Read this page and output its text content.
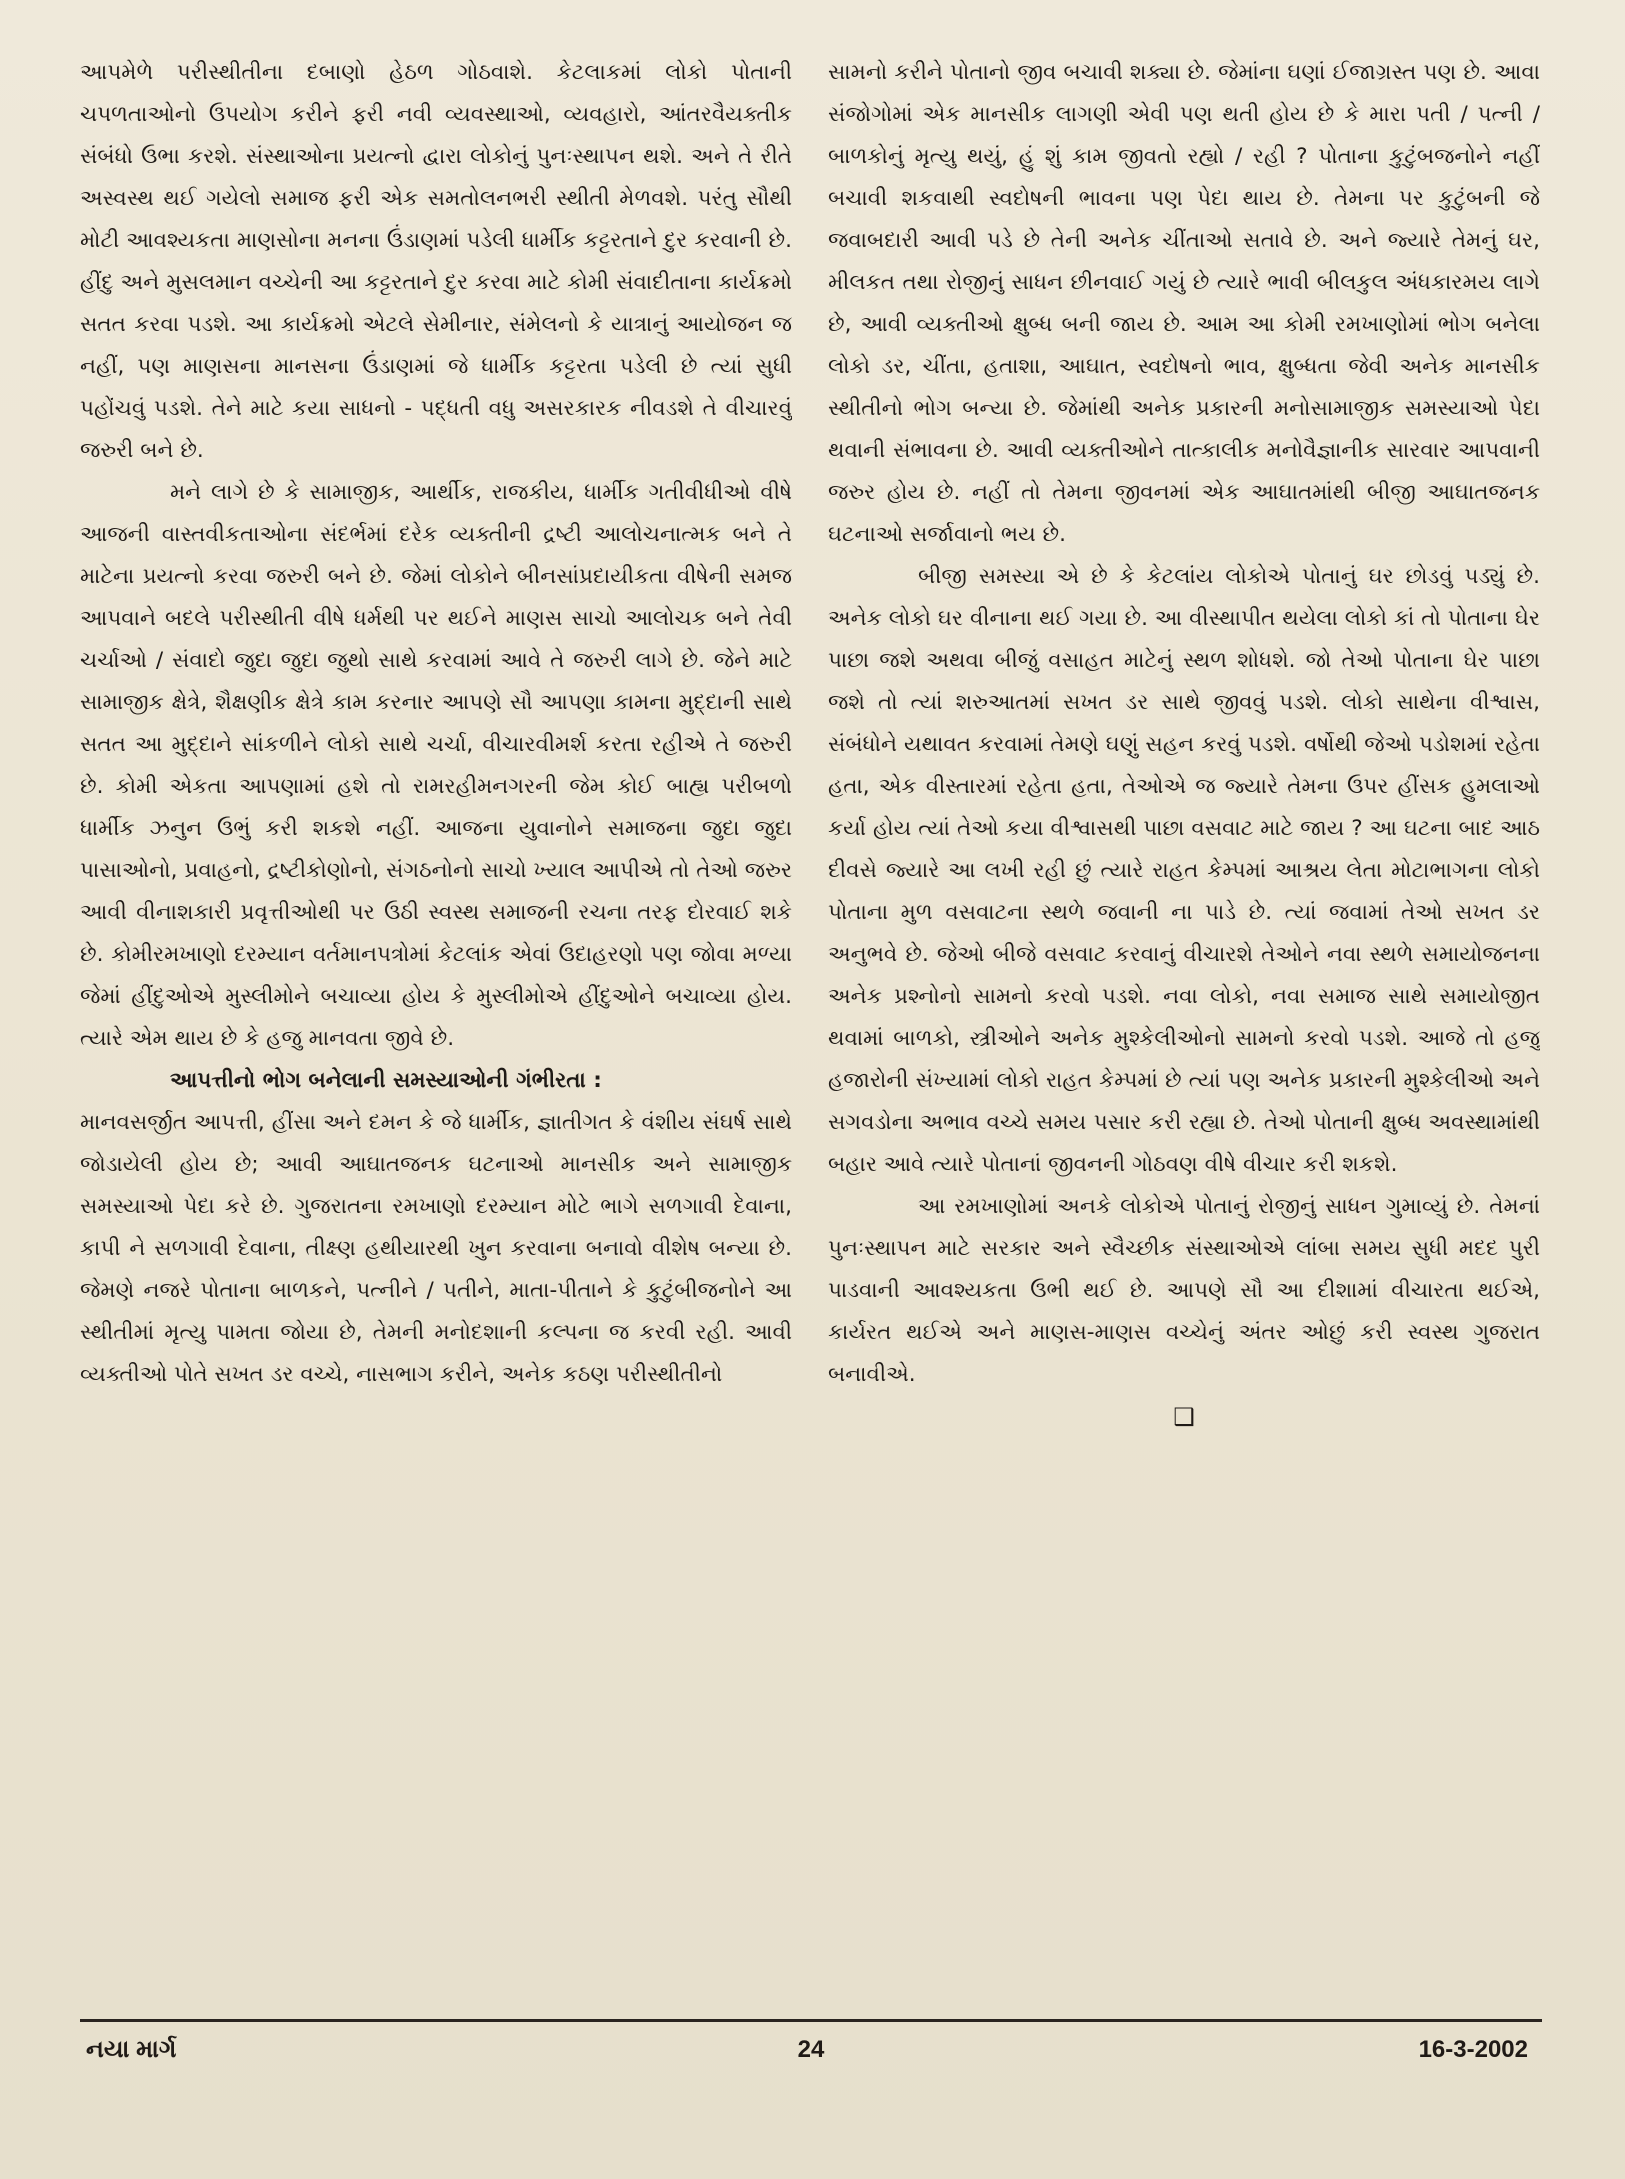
આપમેળે પરીસ્થીતીના દબાણો હેઠળ ગોઠવાશે. કેટલાકમાં લોકો પોતાની ચપળતાઓનો ઉપયોગ કરીને ફરી નવી વ્યવસ્થાઓ, વ્યવહારો, આંતરવૈયક્તીક સંબંધો ઉભા કરશે. સંસ્થાઓના પ્રયત્નો દ્વારા લોકોનું પુનઃસ્થાપન થશે. અને તે રીતે અસ્વસ્થ થઈ ગયેલો સમાજ ફરી એક સમતોલનભરી સ્થીતી મેળવશે. પરંતુ સૌથી મોટી આવશ્યકતા માણસોના મનના ઉંડાણમાં પડેલી ધાર્મીક કટ્ટરતાને દુર કરવાની છે. હીંદુ અને મુસલમાન વચ્ચેની આ કટ્ટરતાને દુર કરવા માટે કોમી સંવાદીતાના કાર્યક્રમો સતત કરવા પડશે. આ કાર્યક્રમો એટલે સેમીનાર, સંમેલનો કે યાત્રાનું આયોજન જ નહીં, પણ માણસના માનસના ઉંડાણમાં જે ધાર્મીક કટ્ટરતા પડેલી છે ત્યાં સુધી પહોંચવું પડશે. તેને માટે કયા સાધનો - પદ્ધતી વધુ અસરકારક નીવડશે તે વીચારવું જરુરી બને છે.

મને લાગે છે કે સામાજીક, આર્થીક, રાજકીય, ધાર્મીક ગતીવીધીઓ વીષે આજની વાસ્તવીકતાઓના સંદર્ભમાં દરેક વ્યક્તીની દ્રષ્ટી આલોચનાત્મક બને તે માટેના પ્રયત્નો કરવા જરુરી બને છે. જેમાં લોકોને બીનસાંપ્રદાયીકતા વીષેની સમજ આપવાને બદલે પરીસ્થીતી વીષે ધર્મથી પર થઈને માણસ સાચો આલોચક બને તેવી ચર્ચાઓ / સંવાદો જુદા જુદા જુથો સાથે કરવામાં આવે તે જરુરી લાગે છે. જેને માટે સામાજીક ક્ષેત્રે, શૈક્ષણીક ક્ષેત્રે કામ કરનાર આપણે સૌ આપણા કામના મુદ્દાની સાથે સતત આ મુદ્દાને સાંકળીને લોકો સાથે ચર્ચા, વીચારવીમર્શ કરતા રહીએ તે જરુરી છે. કોમી એકતા આપણામાં હશે તો રામરહીમનગરની જેમ કોઈ બાહ્ય પરીબળો ધાર્મીક ઝનુન ઉભું કરી શકશે નહીં. આજના યુવાનોને સમાજના જુદા જુદા પાસાઓનો, પ્રવાહનો, દ્રષ્ટીકોણોનો, સંગઠનોનો સાચો ખ્યાલ આપીએ તો તેઓ જરુર આવી વીનાશકારી પ્રવૃત્તીઓથી પર ઉઠી સ્વસ્થ સમાજની રચના તરફ દોરવાઈ શકે છે. કોમીરમખાણો દરમ્યાન વર્તમાનપત્રોમાં કેટલાંક એવાં ઉદાહરણો પણ જોવા મળ્યા જેમાં હીંદુઓએ મુસ્લીમોને બચાવ્યા હોય કે મુસ્લીમોએ હીંદુઓને બચાવ્યા હોય. ત્યારે એમ થાય છે કે હજુ માનવતા જીવે છે.

આપત્તીનો ભોગ બનેલાની સમસ્યાઓની ગંભીરતા :

માનવસર્જીત આપત્તી, હીંસા અને દમન કે જે ધાર્મીક, જ્ઞાતીગત કે વંશીય સંઘર્ષ સાથે જોડાયેલી હોય છે; આવી આઘાતજનક ઘટનાઓ માનસીક અને સામાજીક સમસ્યાઓ પેદા કરે છે. ગુજરાતના રમખાણો દરમ્યાન મોટે ભાગે સળગાવી દેવાના, કાપી ને સળગાવી દેવાના, તીક્ષ્ણ હથીયારથી ખુન કરવાના બનાવો વીશેષ બન્યા છે. જેમણે નજરે પોતાના બાળકને, પત્નીને / પતીને, માતા-પીતાને કે કુટુંબીજનોને આ સ્થીતીમાં મૃત્યુ પામતા જોયા છે, તેમની મનોદશાની કલ્પના જ કરવી રહી. આવી વ્યક્તીઓ પોતે સખત ડર વચ્ચે, નાસભાગ કરીને, અનેક કઠણ પરીસ્થીતીનો

સામનો કરીને પોતાનો જીવ બચાવી શક્યા છે. જેમાંના ઘણાં ઈજાગ્રસ્ત પણ છે. આવા સંજોગોમાં એક માનસીક લાગણી એવી પણ થતી હોય છે કે મારા પતી / પત્ની / બાળકોનું મૃત્યુ થયું, હું શું કામ જીવતો રહ્યો / રહી ? પોતાના કુટુંબજનોને નહીં બચાવી શકવાથી સ્વદોષની ભાવના પણ પેદા થાય છે. તેમના પર કુટુંબની જે જવાબદારી આવી પડે છે તેની અનેક ચીંતાઓ સતાવે છે. અને જ્યારે તેમનું ઘર, મીલકત તથા રોજીનું સાધન છીનવાઈ ગયું છે ત્યારે ભાવી બીલકુલ અંધકારમય લાગે છે, આવી વ્યક્તીઓ ક્ષુબ્ધ બની જાય છે. આમ આ કોમી રમખાણોમાં ભોગ બનેલા લોકો ડર, ચીંતા, હતાશા, આઘાત, સ્વદોષનો ભાવ, ક્ષુબ્ધતા જેવી અનેક માનસીક સ્થીતીનો ભોગ બન્યા છે. જેમાંથી અનેક પ્રકારની મનોસામાજીક સમસ્યાઓ પેદા થવાની સંભાવના છે. આવી વ્યક્તીઓને તાત્કાલીક મનોવૈજ્ઞાનીક સારવાર આપવાની જરુર હોય છે. નહીં તો તેમના જીવનમાં એક આઘાતમાંથી બીજી આઘાતજનક ઘટનાઓ સર્જાવાનો ભય છે.

બીજી સમસ્યા એ છે કે કેટલાંય લોકોએ પોતાનું ઘર છોડવું પડ્યું છે. અનેક લોકો ઘર વીનાના થઈ ગયા છે. આ વીસ્થાપીત થયેલા લોકો કાં તો પોતાના ઘેર પાછા જશે અથવા બીજું વસાહત માટેનું સ્થળ શોધશે. જો તેઓ પોતાના ઘેર પાછા જશે તો ત્યાં શરુઆતમાં સખત ડર સાથે જીવવું પડશે. લોકો સાથેના વીશ્વાસ, સંબંધોને યથાવત કરવામાં તેમણે ઘણું સહન કરવું પડશે. વર્ષોથી જેઓ પડોશમાં રહેતા હતા, એક વીસ્તારમાં રહેતા હતા, તેઓએ જ જ્યારે તેમના ઉપર હીંસક હુમલાઓ કર્યા હોય ત્યાં તેઓ કયા વીશ્વાસથી પાછા વસવાટ માટે જાય ? આ ઘટના બાદ આઠ દીવસે જ્યારે આ લખી રહી છું ત્યારે રાહત કેમ્પમાં આશ્રય લેતા મોટાભાગના લોકો પોતાના મુળ વસવાટના સ્થળે જવાની ના પાડે છે. ત્યાં જવામાં તેઓ સખત ડર અનુભવે છે. જેઓ બીજે વસવાટ કરવાનું વીચારશે તેઓને નવા સ્થળે સમાયોજનના અનેક પ્રશ્નોનો સામનો કરવો પડશે. નવા લોકો, નવા સમાજ સાથે સમાયોજીત થવામાં બાળકો, સ્ત્રીઓને અનેક મુશ્કેલીઓનો સામનો કરવો પડશે. આજે તો હજુ હજારોની સંખ્યામાં લોકો રાહત કેમ્પમાં છે ત્યાં પણ અનેક પ્રકારની મુશ્કેલીઓ અને સગવડોના અભાવ વચ્ચે સમય પસાર કરી રહ્યા છે. તેઓ પોતાની ક્ષુબ્ધ અવસ્થામાંથી બહાર આવે ત્યારે પોતાનાં જીવનની ગોઠવણ વીષે વીચાર કરી શકશે.

આ રમખાણોમાં અનકે લોકોએ પોતાનું રોજીનું સાધન ગુમાવ્યું છે. તેમનાં પુનઃસ્થાપન માટે સરકાર અને સ્વૈચ્છીક સંસ્થાઓએ લાંબા સમય સુધી મદદ પુરી પાડવાની આવશ્યકતા ઉભી થઈ છે. આપણે સૌ આ દીશામાં વીચારતા થઈએ, કાર્યરત થઈએ અને માણસ-માણસ વચ્ચેનું અંતર ઓછું કરી સ્વસ્થ ગુજરાત બનાવીએ.

❑
નયા માર્ગ	24	16-3-2002
